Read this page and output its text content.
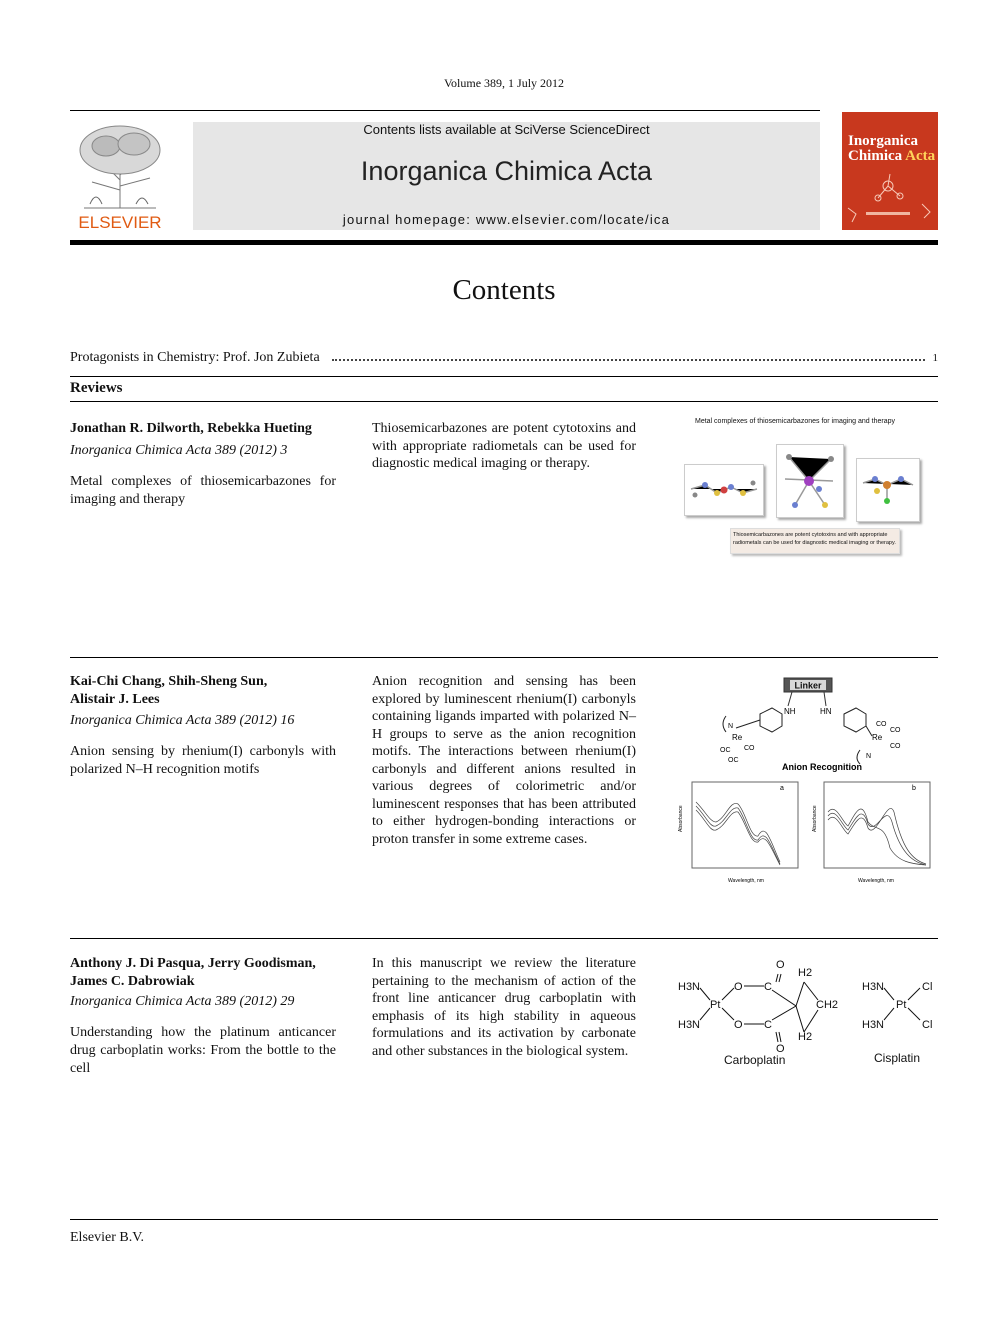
Volume 389, 1 July 2012
ELSEVIER
Contents lists available at SciVerse ScienceDirect
Inorganica Chimica Acta
journal homepage: www.elsevier.com/locate/ica
Inorganica
Chimica Acta
Contents
Protagonists in Chemistry: Prof. Jon Zubieta	1
Reviews
Jonathan R. Dilworth, Rebekka Hueting
Inorganica Chimica Acta 389 (2012) 3
Metal complexes of thiosemicarbazones for imaging and therapy
Thiosemicarbazones are potent cytotoxins and with appropriate radiometals can be used for diagnostic medical imaging or therapy.
Metal complexes of thiosemicarbazones for imaging and therapy
Thiosemicarbazones are potent cytotoxins and with appropriate radiometals can be used for diagnostic medical imaging or therapy.
Kai-Chi Chang, Shih-Sheng Sun,
Alistair J. Lees
Inorganica Chimica Acta 389 (2012) 16
Anion sensing by rhenium(I) carbonyls with polarized N–H recognition motifs
Anion recognition and sensing has been explored by luminescent rhenium(I) carbonyls containing ligands imparted with polarized N–H groups to serve as the anion recognition motifs. The interactions between rhenium(I) carbonyls and different anions resulted in various degrees of colorimetric and/or luminescent responses that has been attributed to either hydrogen-bonding interactions or proton transfer in some extreme cases.
Linker
NH	HN
Re
OC CO
OC
N
Re
CO
CO
CO
N
Anion Recognition
a
Absorbance
Wavelength, nm
b
Absorbance
Wavelength, nm
Anthony J. Di Pasqua, Jerry Goodisman,
James C. Dabrowiak
Inorganica Chimica Acta 389 (2012) 29
Understanding how the platinum anticancer drug carboplatin works: From the bottle to the cell
In this manuscript we review the literature pertaining to the mechanism of action of the front line anticancer drug carboplatin with emphasis of its high stability in aqueous formulations and its activation by carbonate and other substances in the biological system.
H3N
H3N
Pt
O
O
C
C
O
O
H2
H2
CH2
Carboplatin
H3N
H3N
Pt
Cl
Cl
Cisplatin
Elsevier B.V.
